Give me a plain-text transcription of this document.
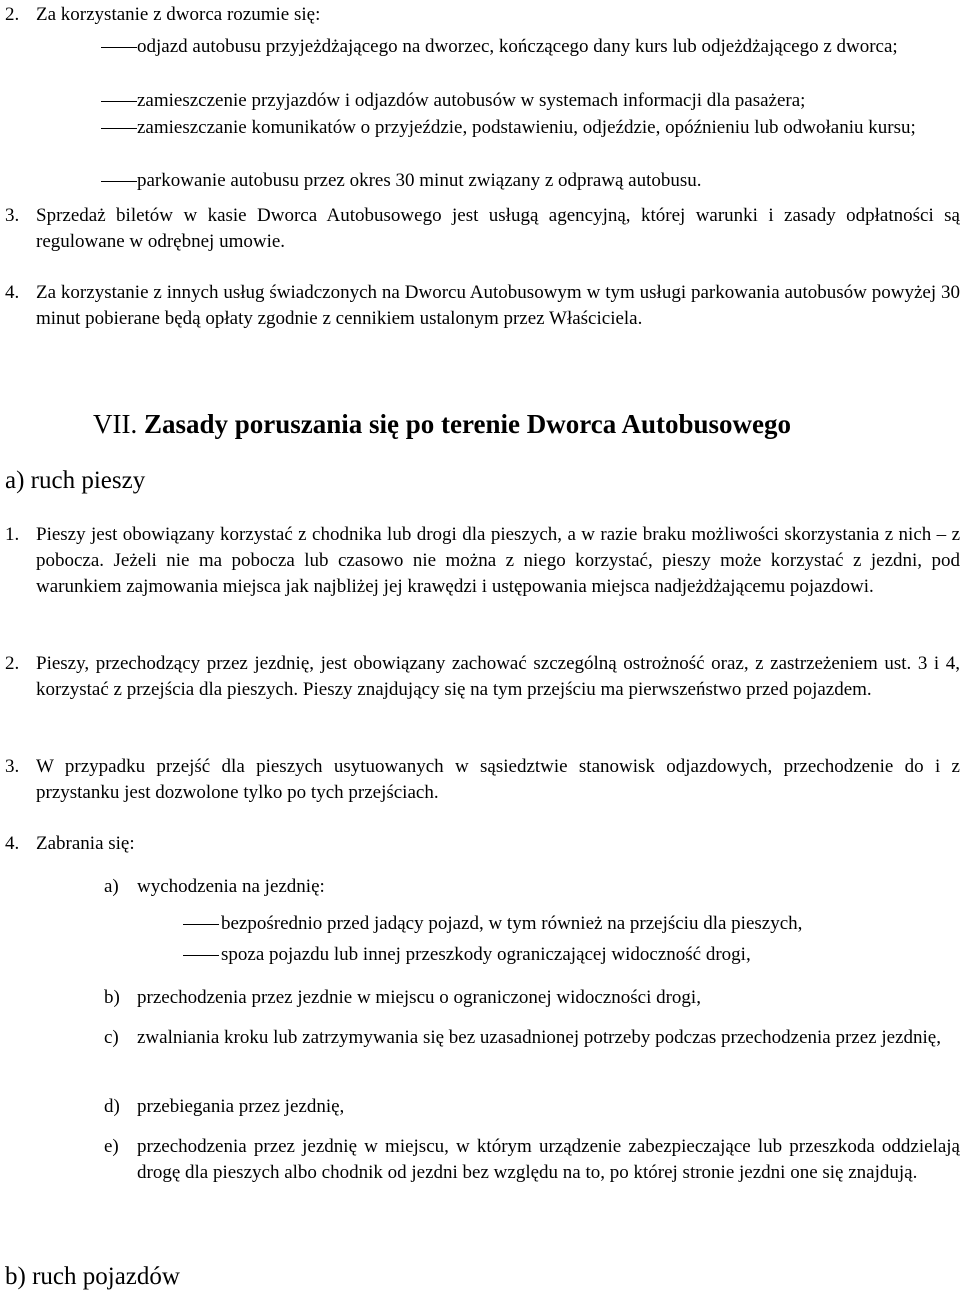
2. Za korzystanie z dworca rozumie się:
odjazd autobusu przyjeżdżającego na dworzec, kończącego dany kurs lub odjeżdżającego z dworca;
zamieszczenie przyjazdów i odjazdów autobusów w systemach informacji dla pasażera;
zamieszczanie komunikatów o przyjeździe, podstawieniu, odjeździe, opóźnieniu lub odwołaniu kursu;
parkowanie autobusu przez okres 30 minut związany z odprawą autobusu.
3. Sprzedaż biletów w kasie Dworca Autobusowego jest usługą agencyjną, której warunki i zasady odpłatności są regulowane w odrębnej umowie.
4. Za korzystanie z innych usług świadczonych na Dworcu Autobusowym w tym usługi parkowania autobusów powyżej 30 minut pobierane będą opłaty zgodnie z cennikiem ustalonym przez Właściciela.
VII. Zasady poruszania się po terenie Dworca Autobusowego
a) ruch pieszy
1. Pieszy jest obowiązany korzystać z chodnika lub drogi dla pieszych, a w razie braku możliwości skorzystania z nich – z pobocza. Jeżeli nie ma pobocza lub czasowo nie można z niego korzystać, pieszy może korzystać z jezdni, pod warunkiem zajmowania miejsca jak najbliżej jej krawędzi i ustępowania miejsca nadjeżdżającemu pojazdowi.
2. Pieszy, przechodzący przez jezdnię, jest obowiązany zachować szczególną ostrożność oraz, z zastrzeżeniem ust. 3 i 4, korzystać z przejścia dla pieszych. Pieszy znajdujący się na tym przejściu ma pierwszeństwo przed pojazdem.
3. W przypadku przejść dla pieszych usytuowanych w sąsiedztwie stanowisk odjazdowych, przechodzenie do i z przystanku jest dozwolone tylko po tych przejściach.
4. Zabrania się:
a) wychodzenia na jezdnię:
bezpośrednio przed jadący pojazd, w tym również na przejściu dla pieszych,
spoza pojazdu lub innej przeszkody ograniczającej widoczność drogi,
b) przechodzenia przez jezdnie w miejscu o ograniczonej widoczności drogi,
c) zwalniania kroku lub zatrzymywania się bez uzasadnionej potrzeby podczas przechodzenia przez jezdnię,
d) przebiegania przez jezdnię,
e) przechodzenia przez jezdnię w miejscu, w którym urządzenie zabezpieczające lub przeszkoda oddzielają drogę dla pieszych albo chodnik od jezdni bez względu na to, po której stronie jezdni one się znajdują.
b) ruch pojazdów
